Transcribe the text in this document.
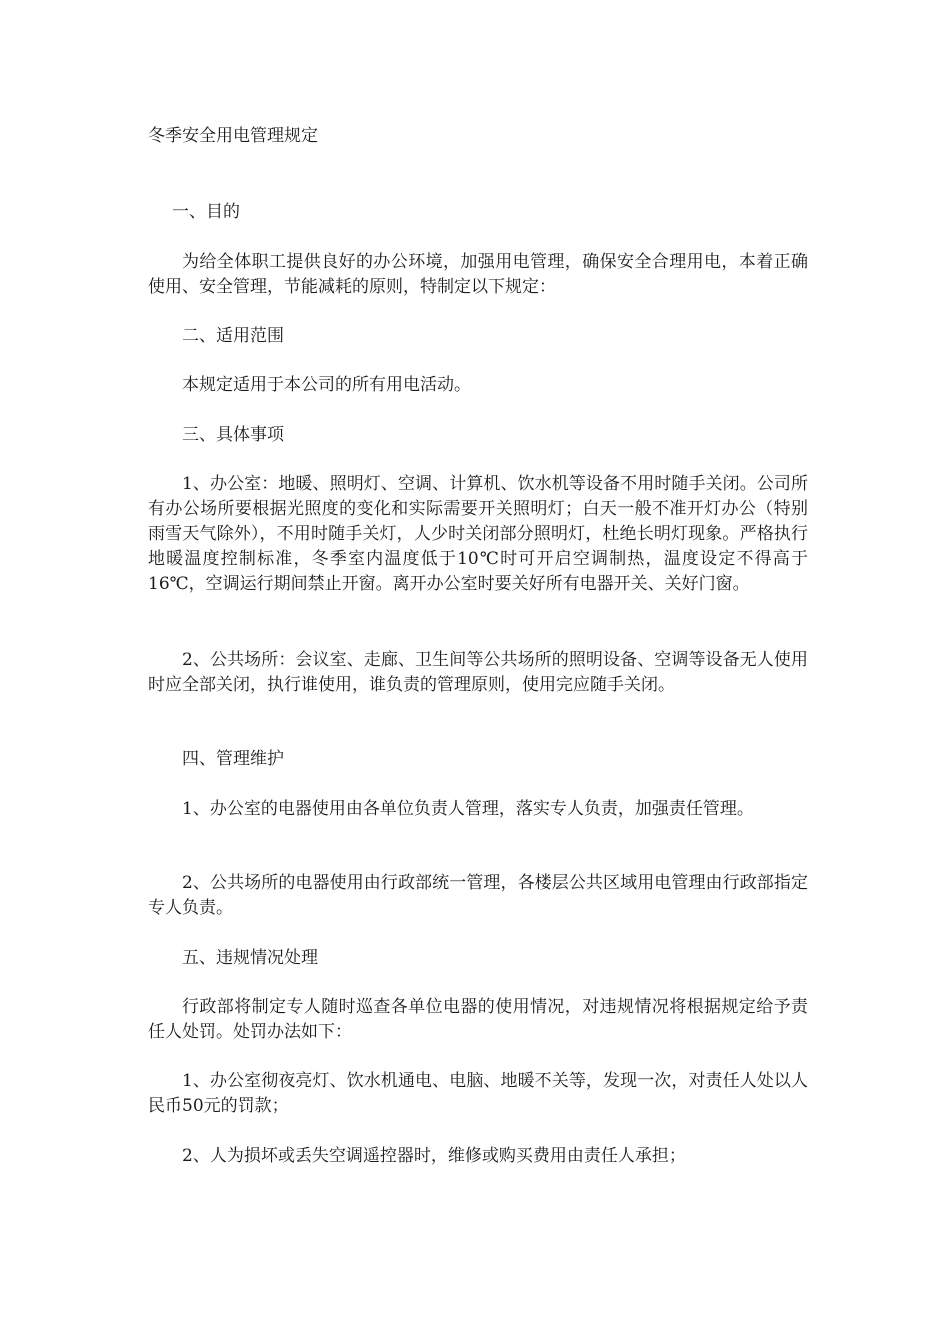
冬季安全用电管理规定

一、目的

为给全体职工提供良好的办公环境，加强用电管理，确保安全合理用电，本着正确使用、安全管理，节能减耗的原则，特制定以下规定：

二、适用范围

本规定适用于本公司的所有用电活动。

三、具体事项

1、办公室：地暖、照明灯、空调、计算机、饮水机等设备不用时随手关闭。公司所有办公场所要根据光照度的变化和实际需要开关照明灯；白天一般不准开灯办公（特别雨雪天气除外），不用时随手关灯，人少时关闭部分照明灯，杜绝长明灯现象。严格执行地暖温度控制标准，冬季室内温度低于10℃时可开启空调制热，温度设定不得高于16℃，空调运行期间禁止开窗。离开办公室时要关好所有电器开关、关好门窗。

2、公共场所：会议室、走廊、卫生间等公共场所的照明设备、空调等设备无人使用时应全部关闭，执行谁使用，谁负责的管理原则，使用完应随手关闭。

四、管理维护

1、办公室的电器使用由各单位负责人管理，落实专人负责，加强责任管理。

2、公共场所的电器使用由行政部统一管理，各楼层公共区域用电管理由行政部指定专人负责。

五、违规情况处理

行政部将制定专人随时巡查各单位电器的使用情况，对违规情况将根据规定给予责任人处罚。处罚办法如下：

1、办公室彻夜亮灯、饮水机通电、电脑、地暖不关等，发现一次，对责任人处以人民币50元的罚款；

2、人为损坏或丢失空调遥控器时，维修或购买费用由责任人承担；
